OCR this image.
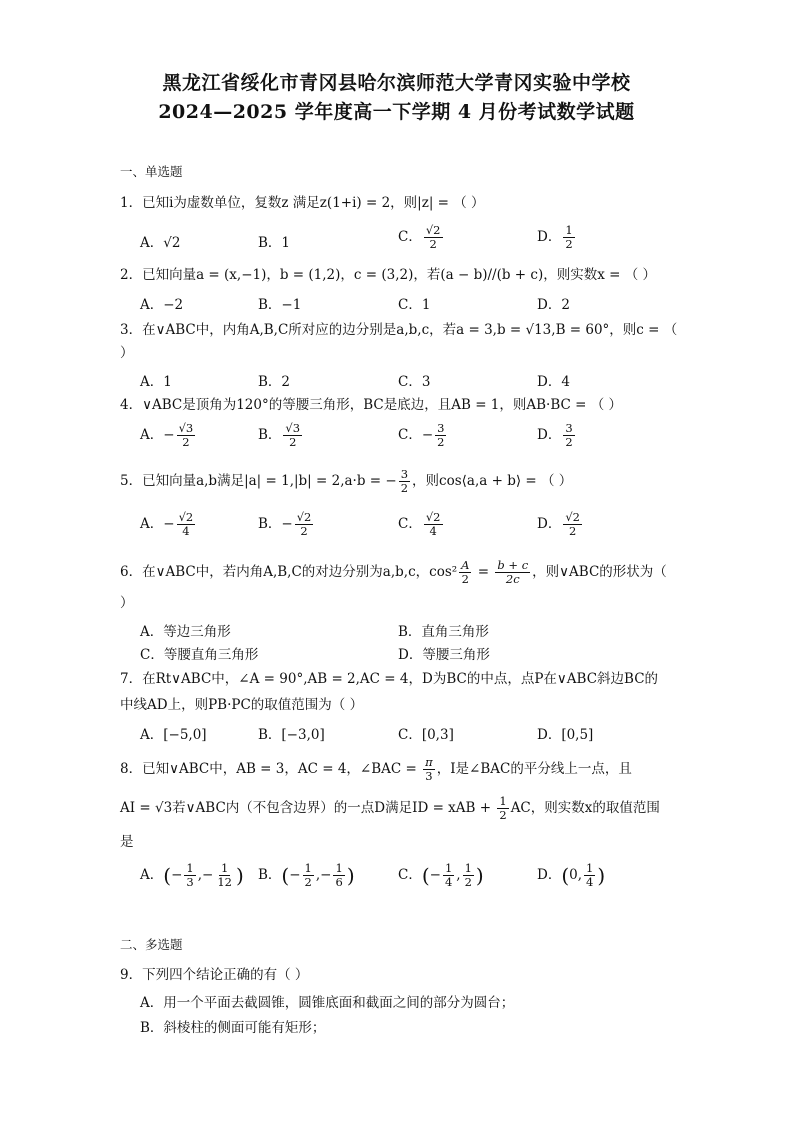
黑龙江省绥化市青冈县哈尔滨师范大学青冈实验中学校
2024—2025 学年度高一下学期 4 月份考试数学试题
一、单选题
1．已知i为虚数单位，复数z 满足z(1+i) = 2，则|z| = （ ）
A．√2	B．1	C． $\frac{√2}{2}$	D． $\frac{1}{2}$
2．已知向量a = (x,−1)，b = (1,2)，c = (3,2)，若(a − b)//(b + c)，则实数x = （ ）
A．−2	B．−1	C．1	D．2
3．在∨ABC中，内角A,B,C所对应的边分别是a,b,c，若a = 3,b = √13,B = 60°，则c = （
）
A．1	B．2	C．3	D．4
4．∨ABC是顶角为120°的等腰三角形，BC是底边，且AB = 1，则AB·BC = （ ）
A．− $\frac{√3}{2}$	B． $\frac{√3}{2}$	C．− $\frac{3}{2}$	D． $\frac{3}{2}$
5．已知向量a,b满足|a| = 1,|b| = 2,a·b = − $\frac{3}{2}$ ，则cos⟨a,a + b⟩ = （ ）
A．− $\frac{√2}{4}$	B．− $\frac{√2}{2}$	C． $\frac{√2}{4}$	D． $\frac{√2}{2}$
6．在∨ABC中，若内角A,B,C的对边分别为a,b,c，$\cos^2 \frac{A}{2} = \frac{b + c}{2c}$ ，则∨ABC的形状为（
）
A．等边三角形	B．直角三角形
C．等腰直角三角形	D．等腰三角形
7．在Rt∨ABC中，∠A = 90°,AB = 2,AC = 4，D为BC的中点，点P在∨ABC斜边BC的
中线AD上，则PB·PC的取值范围为（ ）
A．[−5,0]	B．[−3,0]	C．[0,3]	D．[0,5]
8．已知∨ABC中，AB = 3，AC = 4，∠BAC = $\frac{\pi}{3}$ ，I是∠BAC的平分线上一点，且
AI = √3若∨ABC内（不包含边界）的一点D满足ID = xAB + $\frac{1}{2}$ AC，则实数x的取值范围
是
A．(− $\frac{1}{3}$ ,− $\frac{1}{12}$ ) B．(− $\frac{1}{2}$ ,− $\frac{1}{6}$ )	C．(− $\frac{1}{4}$ , $\frac{1}{2}$ )	D．(0, $\frac{1}{4}$ )
二、多选题
9．下列四个结论正确的有（ ）
A．用一个平面去截圆锥，圆锥底面和截面之间的部分为圆台；
B．斜棱柱的侧面可能有矩形；
